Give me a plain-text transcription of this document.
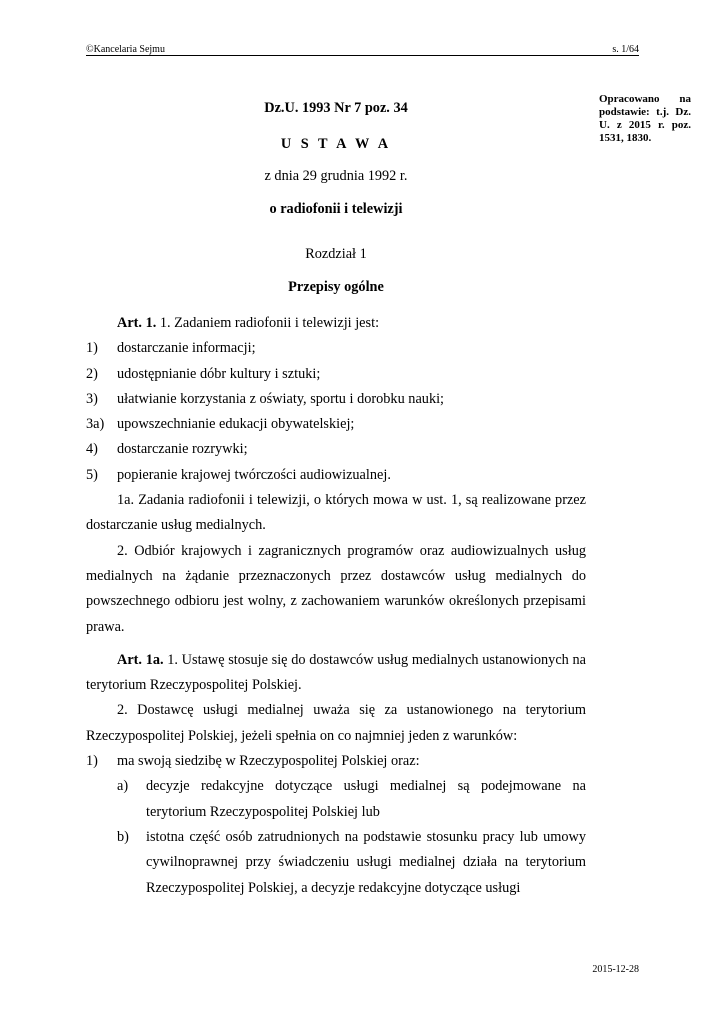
©Kancelaria Sejmu	s. 1/64
Opracowano na podstawie: t.j. Dz. U. z 2015 r. poz. 1531, 1830.
Dz.U. 1993 Nr 7 poz. 34
U S T A W A
z dnia 29 grudnia 1992 r.
o radiofonii i telewizji
Rozdział 1
Przepisy ogólne

Art. 1. 1. Zadaniem radiofonii i telewizji jest:

1)	dostarczanie informacji;
2)	udostępnianie dóbr kultury i sztuki;
3)	ułatwianie korzystania z oświaty, sportu i dorobku nauki;
3a) upowszechnianie edukacji obywatelskiej;
4)	dostarczanie rozrywki;
5)	popieranie krajowej twórczości audiowizualnej.

1a. Zadania radiofonii i telewizji, o których mowa w ust. 1, są realizowane przez dostarczanie usług medialnych.

2. Odbiór krajowych i zagranicznych programów oraz audiowizualnych usług medialnych na żądanie przeznaczonych przez dostawców usług medialnych do powszechnego odbioru jest wolny, z zachowaniem warunków określonych przepisami prawa.

Art. 1a. 1. Ustawę stosuje się do dostawców usług medialnych ustanowionych na terytorium Rzeczypospolitej Polskiej.

2. Dostawcę usługi medialnej uważa się za ustanowionego na terytorium Rzeczypospolitej Polskiej, jeżeli spełnia on co najmniej jeden z warunków:

1)	ma swoją siedzibę w Rzeczypospolitej Polskiej oraz:
a)	decyzje redakcyjne dotyczące usługi medialnej są podejmowane na terytorium Rzeczypospolitej Polskiej lub
b)	istotna część osób zatrudnionych na podstawie stosunku pracy lub umowy cywilnoprawnej przy świadczeniu usługi medialnej działa na terytorium Rzeczypospolitej Polskiej, a decyzje redakcyjne dotyczące usługi
2015-12-28
